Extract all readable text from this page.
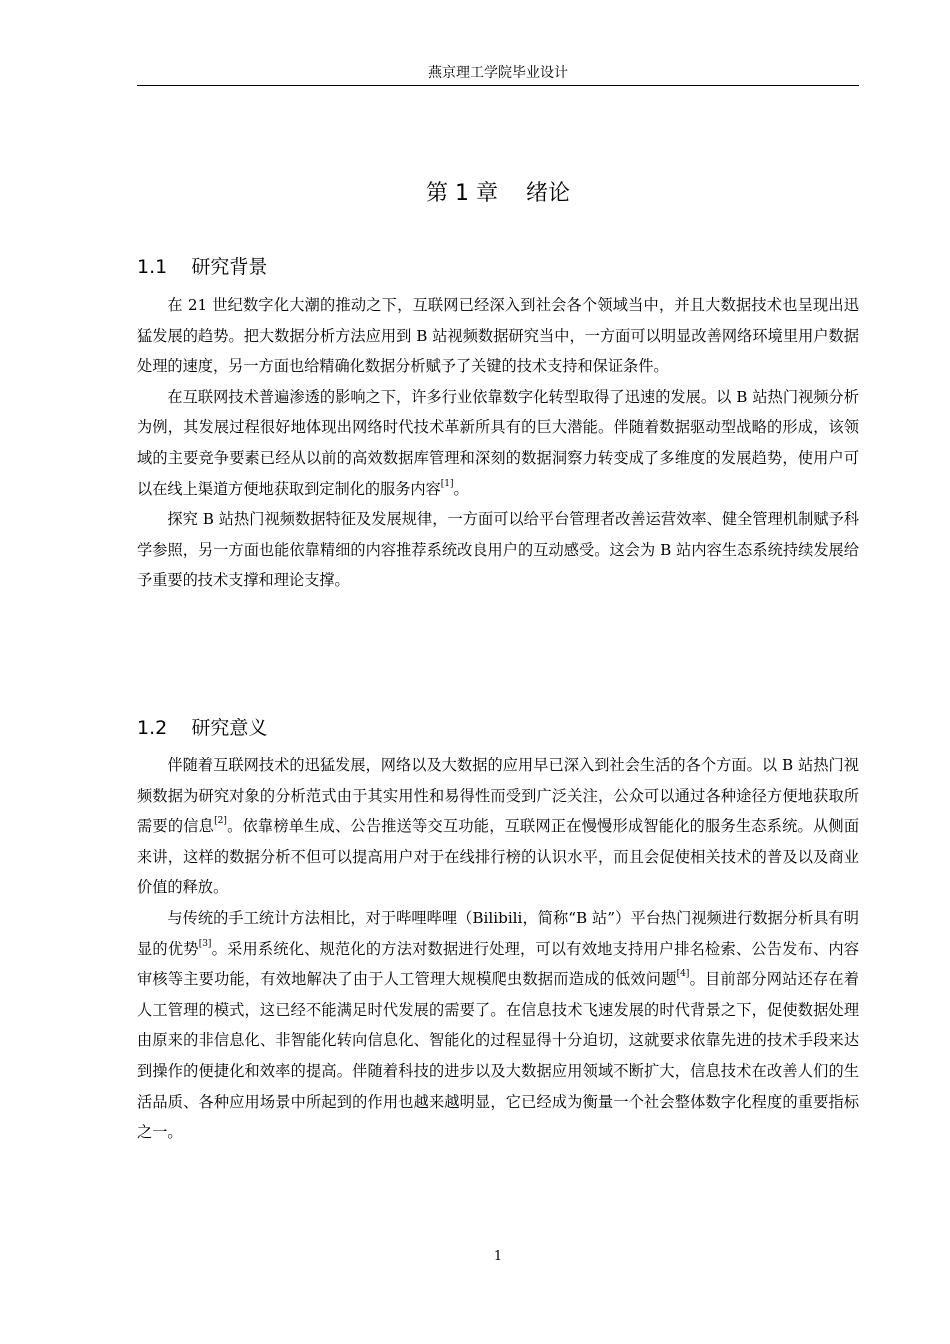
燕京理工学院毕业设计
第 1 章    绪论
1.1    研究背景

在 21 世纪数字化大潮的推动之下，互联网已经深入到社会各个领域当中，并且大数据技术也呈现出迅猛发展的趋势。把大数据分析方法应用到 B 站视频数据研究当中，一方面可以明显改善网络环境里用户数据处理的速度，另一方面也给精确化数据分析赋予了关键的技术支持和保证条件。

在互联网技术普遍渗透的影响之下，许多行业依靠数字化转型取得了迅速的发展。以 B 站热门视频分析为例，其发展过程很好地体现出网络时代技术革新所具有的巨大潜能。伴随着数据驱动型战略的形成，该领域的主要竞争要素已经从以前的高效数据库管理和深刻的数据洞察力转变成了多维度的发展趋势，使用户可以在线上渠道方便地获取到定制化的服务内容[1]。

探究 B 站热门视频数据特征及发展规律，一方面可以给平台管理者改善运营效率、健全管理机制赋予科学参照，另一方面也能依靠精细的内容推荐系统改良用户的互动感受。这会为 B 站内容生态系统持续发展给予重要的技术支撑和理论支撑。

1.2    研究意义

伴随着互联网技术的迅猛发展，网络以及大数据的应用早已深入到社会生活的各个方面。以 B 站热门视频数据为研究对象的分析范式由于其实用性和易得性而受到广泛关注，公众可以通过各种途径方便地获取所需要的信息[2]。依靠榜单生成、公告推送等交互功能，互联网正在慢慢形成智能化的服务生态系统。从侧面来讲，这样的数据分析不但可以提高用户对于在线排行榜的认识水平，而且会促使相关技术的普及以及商业价值的释放。

与传统的手工统计方法相比，对于哔哩哔哩（Bilibili，简称“B 站”）平台热门视频进行数据分析具有明显的优势[3]。采用系统化、规范化的方法对数据进行处理，可以有效地支持用户排名检索、公告发布、内容审核等主要功能，有效地解决了由于人工管理大规模爬虫数据而造成的低效问题[4]。目前部分网站还存在着人工管理的模式，这已经不能满足时代发展的需要了。在信息技术飞速发展的时代背景之下，促使数据处理由原来的非信息化、非智能化转向信息化、智能化的过程显得十分迫切，这就要求依靠先进的技术手段来达到操作的便捷化和效率的提高。伴随着科技的进步以及大数据应用领域不断扩大，信息技术在改善人们的生活品质、各种应用场景中所起到的作用也越来越明显，它已经成为衡量一个社会整体数字化程度的重要指标之一。

1
